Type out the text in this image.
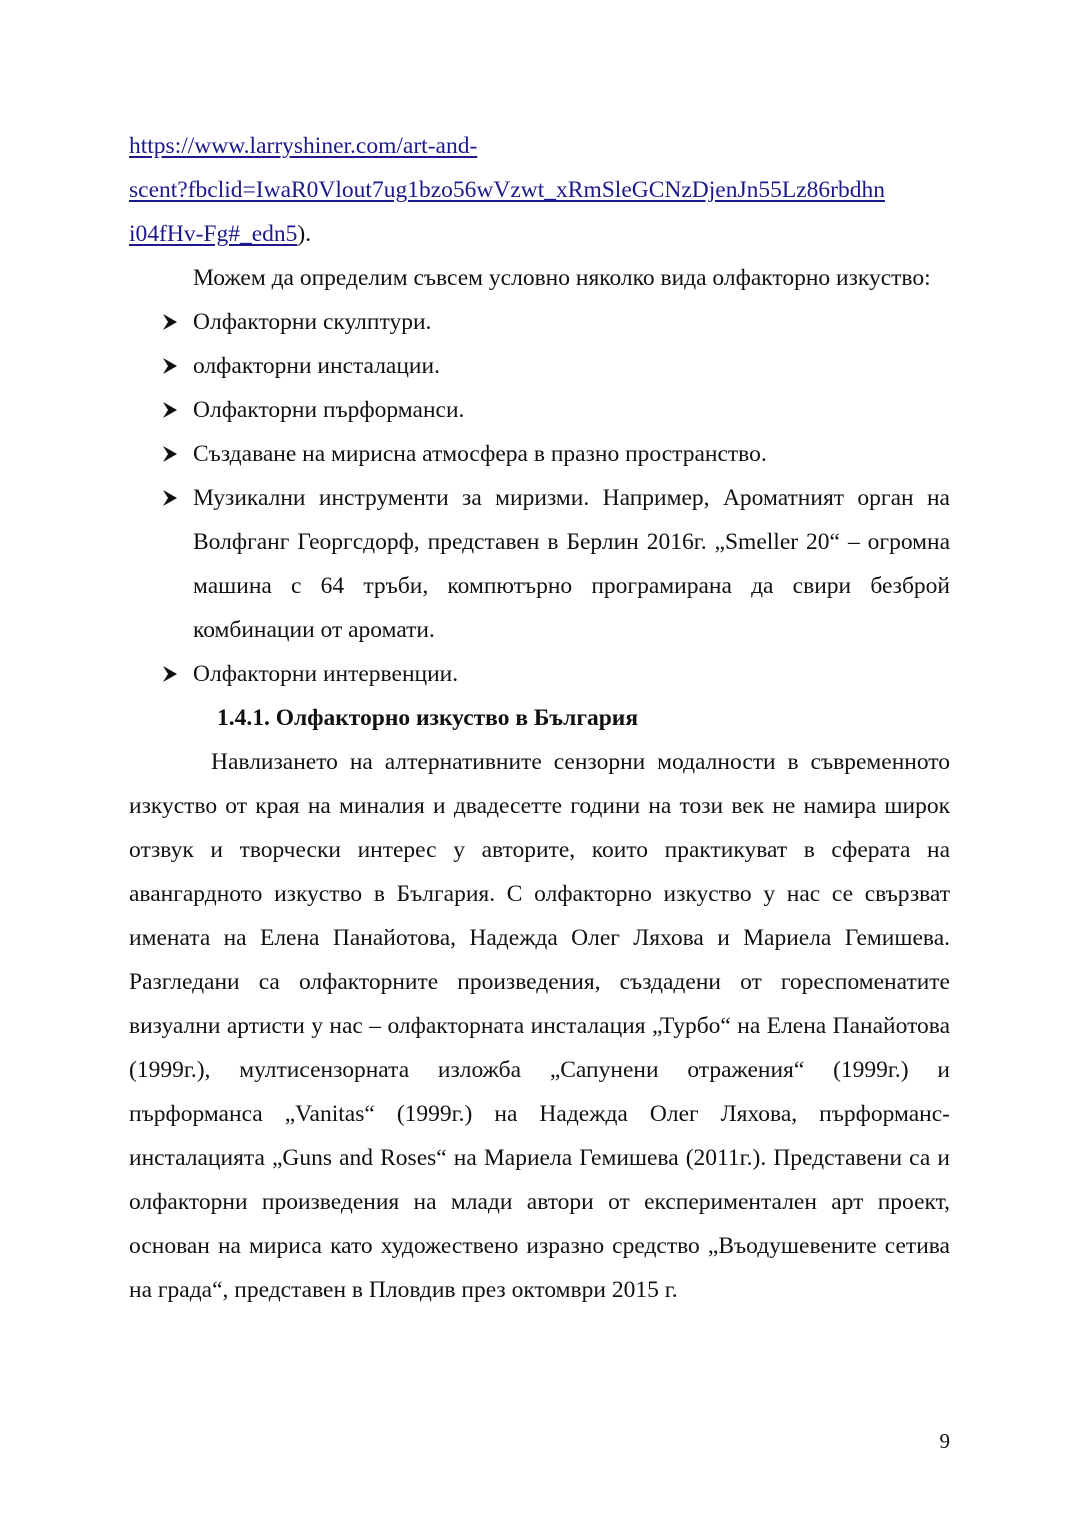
https://www.larryshiner.com/art-and-
scent?fbclid=IwaR0Vlout7ug1bzo56wVzwt_xRmSleGCNzDjenJn55Lz86rbdhn
i04fHv-Fg#_edn5).

Можем да определим съвсем условно няколко вида олфакторно изкуство:

Олфакторни скулптури.
олфакторни инсталации.
Олфакторни пърформанси.
Създаване на мирисна атмосфера в празно пространство.
Музикални инструменти за миризми. Например, Ароматният орган на Волфганг Георгсдорф, представен в Берлин 2016г. „Smeller 20“ – огромна машина с 64 тръби, компютърно програмирана да свири безброй комбинации от аромати.
Олфакторни интервенции.
1.4.1. Олфакторно изкуство в България

Навлизането на алтернативните сензорни модалности в съвременното изкуство от края на миналия и двадесетте години на този век не намира широк отзвук и творчески интерес у авторите, които практикуват в сферата на авангардното изкуство в България. С олфакторно изкуство у нас се свързват имената на Елена Панайотова, Надежда Олег Ляхова и Мариела Гемишева. Разгледани са олфакторните произведения, създадени от гореспоменатите визуални артисти у нас – олфакторната инсталация „Турбо“ на Елена Панайотова (1999г.), мултисензорната изложба „Сапунени отражения“ (1999г.) и пърформанса „Vanitas“ (1999г.) на Надежда Олег Ляхова, пърформанс-инсталацията „Guns and Roses“ на Мариела Гемишева (2011г.). Представени са и олфакторни произведения на млади автори от експериментален арт проект, основан на мириса като художествено изразно средство „Въодушевените сетива на града“, представен в Пловдив през октомври 2015 г.

9
